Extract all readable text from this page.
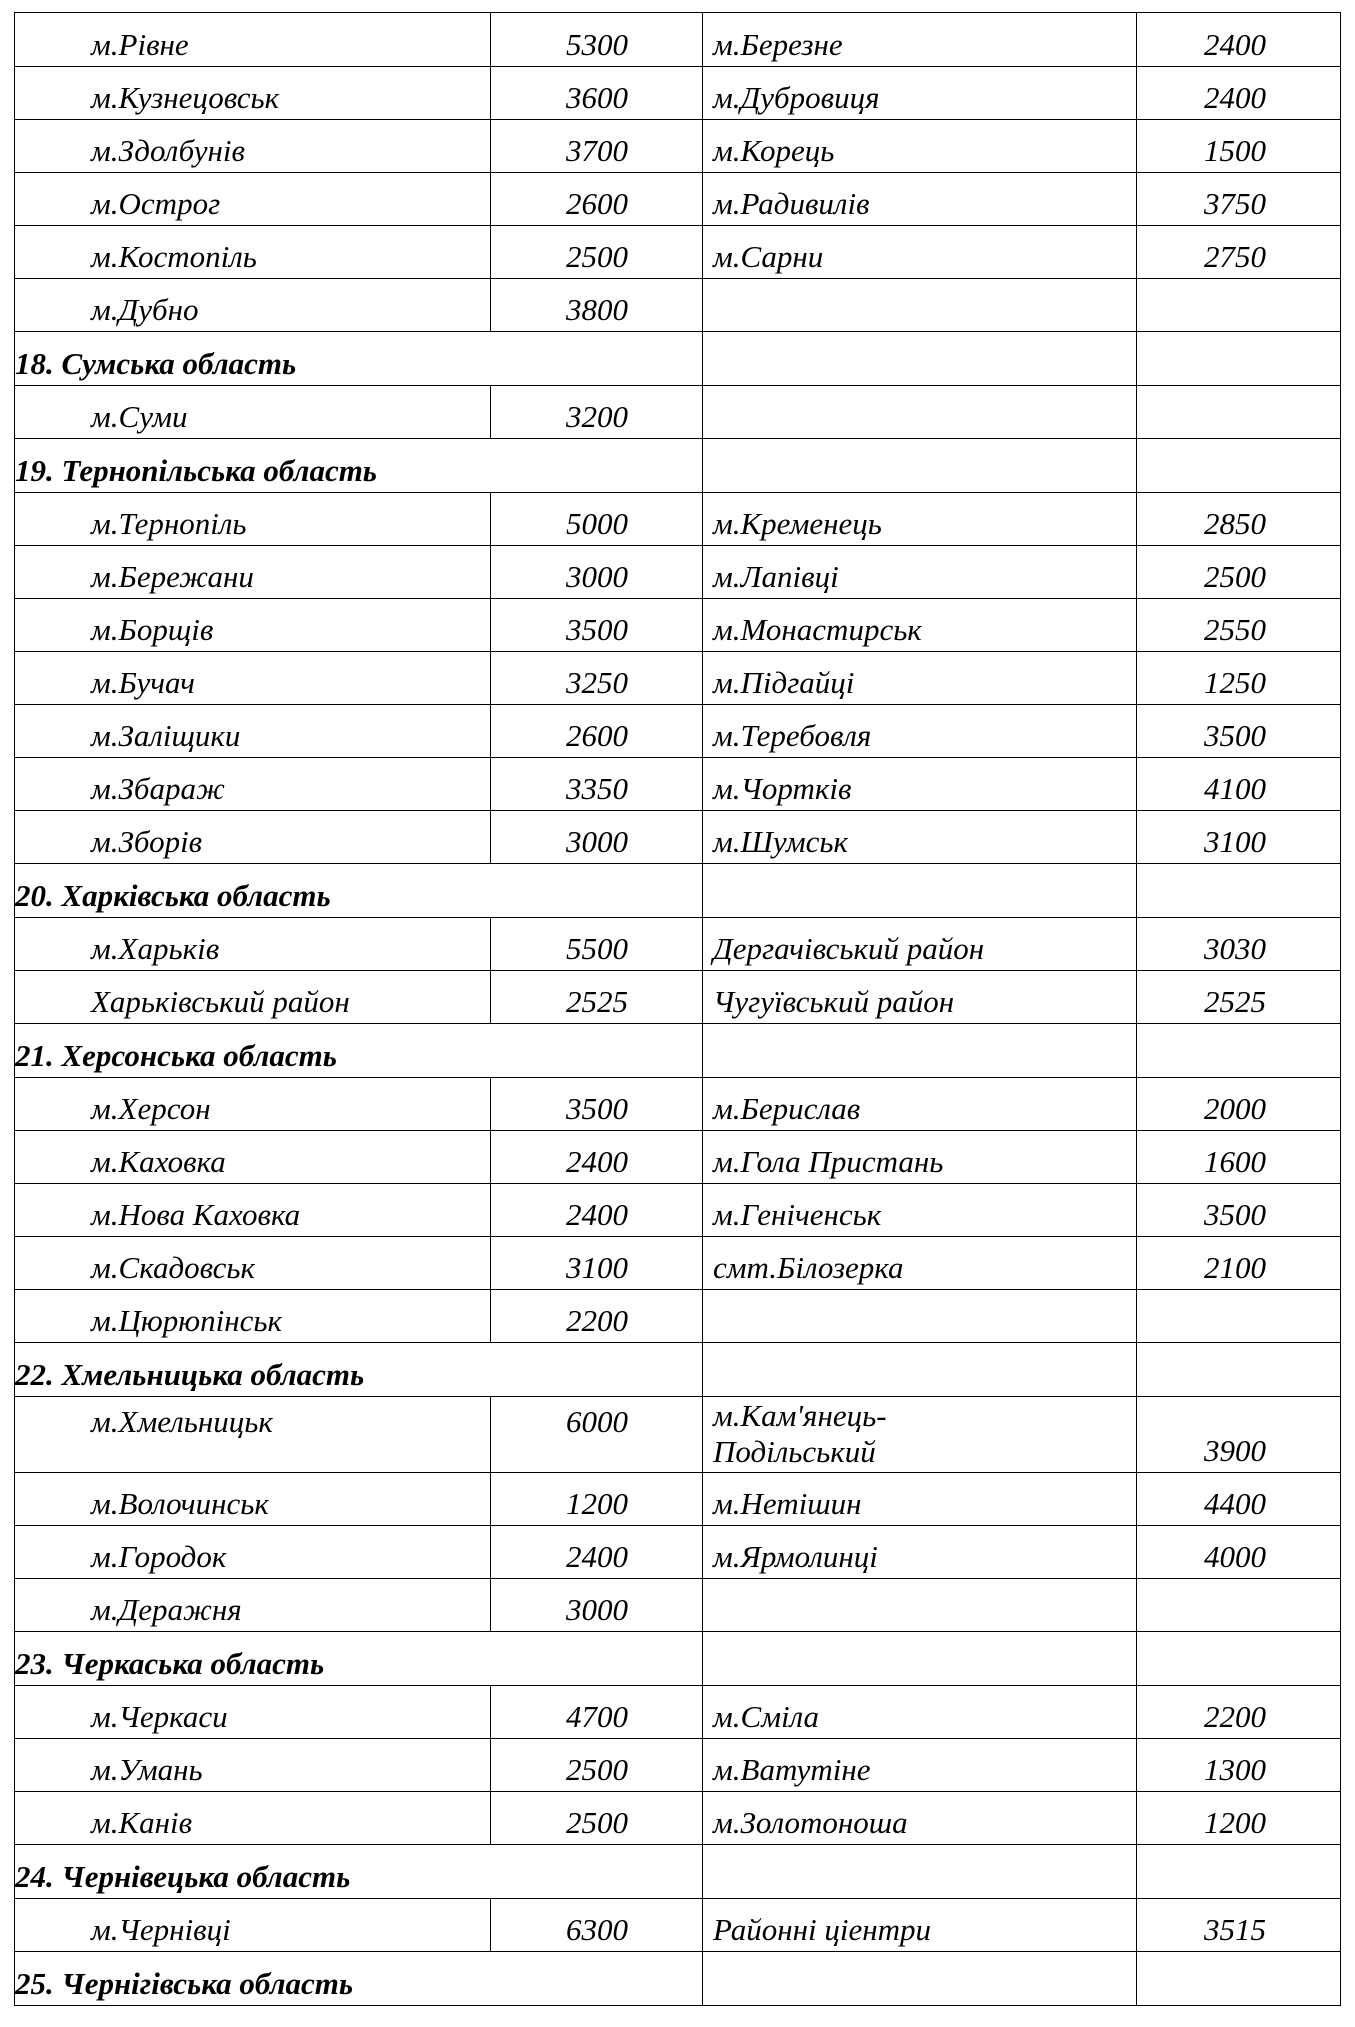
м.Рівне	5300	м.Березне	2400

м.Кузнецовськ	3600	м.Дубровиця	2400

м.Здолбунів	3700	м.Корець	1500

м.Острог	2600	м.Радивилів	3750

м.Костопіль	2500	м.Сарни	2750

м.Дубно	3800		

18. Сумська область			

м.Суми	3200		

19. Тернопільська область			

м.Тернопіль	5000	м.Кременець	2850

м.Бережани	3000	м.Лапівці	2500

м.Борщів	3500	м.Монастирськ	2550

м.Бучач	3250	м.Підгайці	1250

м.Заліщики	2600	м.Теребовля	3500

м.Збараж	3350	м.Чортків	4100

м.Зборів	3000	м.Шумськ	3100

20. Харківська область			

м.Харьків	5500	Дергачівський район	3030

Харьківський район	2525	Чугуївський район	2525

21. Херсонська область			

м.Херсон	3500	м.Берислав	2000

м.Каховка	2400	м.Гола Пристань	1600

м.Нова Каховка	2400	м.Геніченськ	3500

м.Скадовськ	3100	смт.Білозерка	2100

м.Цюрюпінськ	2200		

22. Хмельницька область			

м.Хмельницьк	6000	м.Кам'янець-Подільський	3900

м.Волочинськ	1200	м.Нетішин	4400

м.Городок	2400	м.Ярмолинці	4000

м.Деражня	3000		

23. Черкаська область			

м.Черкаси	4700	м.Сміла	2200

м.Умань	2500	м.Ватутіне	1300

м.Канів	2500	м.Золотоноша	1200

24. Чернівецька область			

м.Чернівці	6300	Районні ціентри	3515

25. Чернігівська область			
